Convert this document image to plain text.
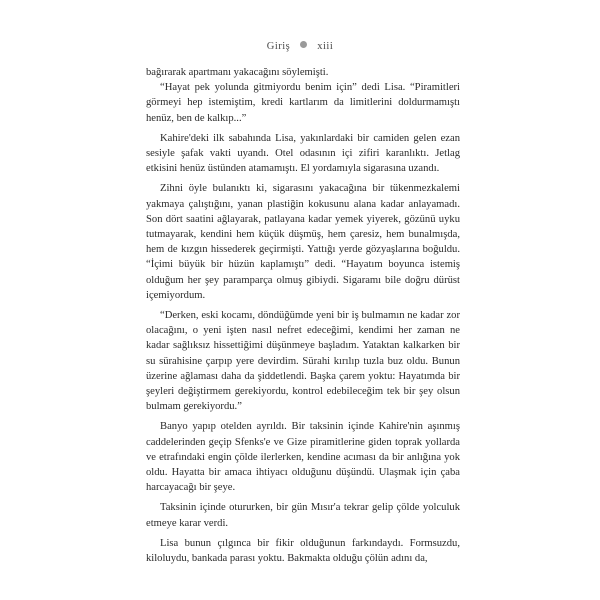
Giriş	xiii

bağırarak apartmanı yakacağını söylemişti.

“Hayat pek yolunda gitmiyordu benim için” dedi Lisa. “Piramitleri görmeyi hep istemiştim, kredi kartlarım da limitlerini doldurmamıştı henüz, ben de kalkıp...”

Kahire'deki ilk sabahında Lisa, yakınlardaki bir camiden gelen ezan sesiyle şafak vakti uyandı. Otel odasının içi zifiri karanlıktı. Jetlag etkisini henüz üstünden atamamıştı. El yordamıyla sigarasına uzandı.

Zihni öyle bulanıktı ki, sigarasını yakacağına bir tükenmezkalemi yakmaya çalıştığını, yanan plastiğin kokusunu alana kadar anlayamadı. Son dört saatini ağlayarak, patlayana kadar yemek yiyerek, gözünü uyku tutmayarak, kendini hem küçük düşmüş, hem çaresiz, hem bunalmışda, hem de kızgın hissederek geçirmişti. Yattığı yerde gözyaşlarına boğuldu. “İçimi büyük bir hüzün kaplamıştı” dedi. “Hayatım boyunca istemiş olduğum her şey paramparça olmuş gibiydi. Sigaramı bile doğru dürüst içemiyordum.

“Derken, eski kocamı, döndüğümde yeni bir iş bulmamın ne kadar zor olacağını, o yeni işten nasıl nefret edeceğimi, kendimi her zaman ne kadar sağlıksız hissettiğimi düşünmeye başladım. Yataktan kalkarken bir su sürahisine çarpıp yere devirdim. Sürahi kırılıp tuzla buz oldu. Bunun üzerine ağlaması daha da şiddetlendi. Başka çarem yoktu: Hayatımda bir şeyleri değiştirmem gerekiyordu, kontrol edebileceğim tek bir şey olsun bulmam gerekiyordu.”

Banyo yapıp otelden ayrıldı. Bir taksinin içinde Kahire'nin aşınmış caddelerinden geçip Sfenks'e ve Gize piramitlerine giden toprak yollarda ve etrafındaki engin çölde ilerlerken, kendine acıması da bir anlığına yok oldu. Hayatta bir amaca ihtiyacı olduğunu düşündü. Ulaşmak için çaba harcayacağı bir şeye.

Taksinin içinde otururken, bir gün Mısır'a tekrar gelip çölde yolculuk etmeye karar verdi.

Lisa bunun çılgınca bir fikir olduğunun farkındaydı. Formsuzdu, kiloluydu, bankada parası yoktu. Bakmakta olduğu çölün adını da,
